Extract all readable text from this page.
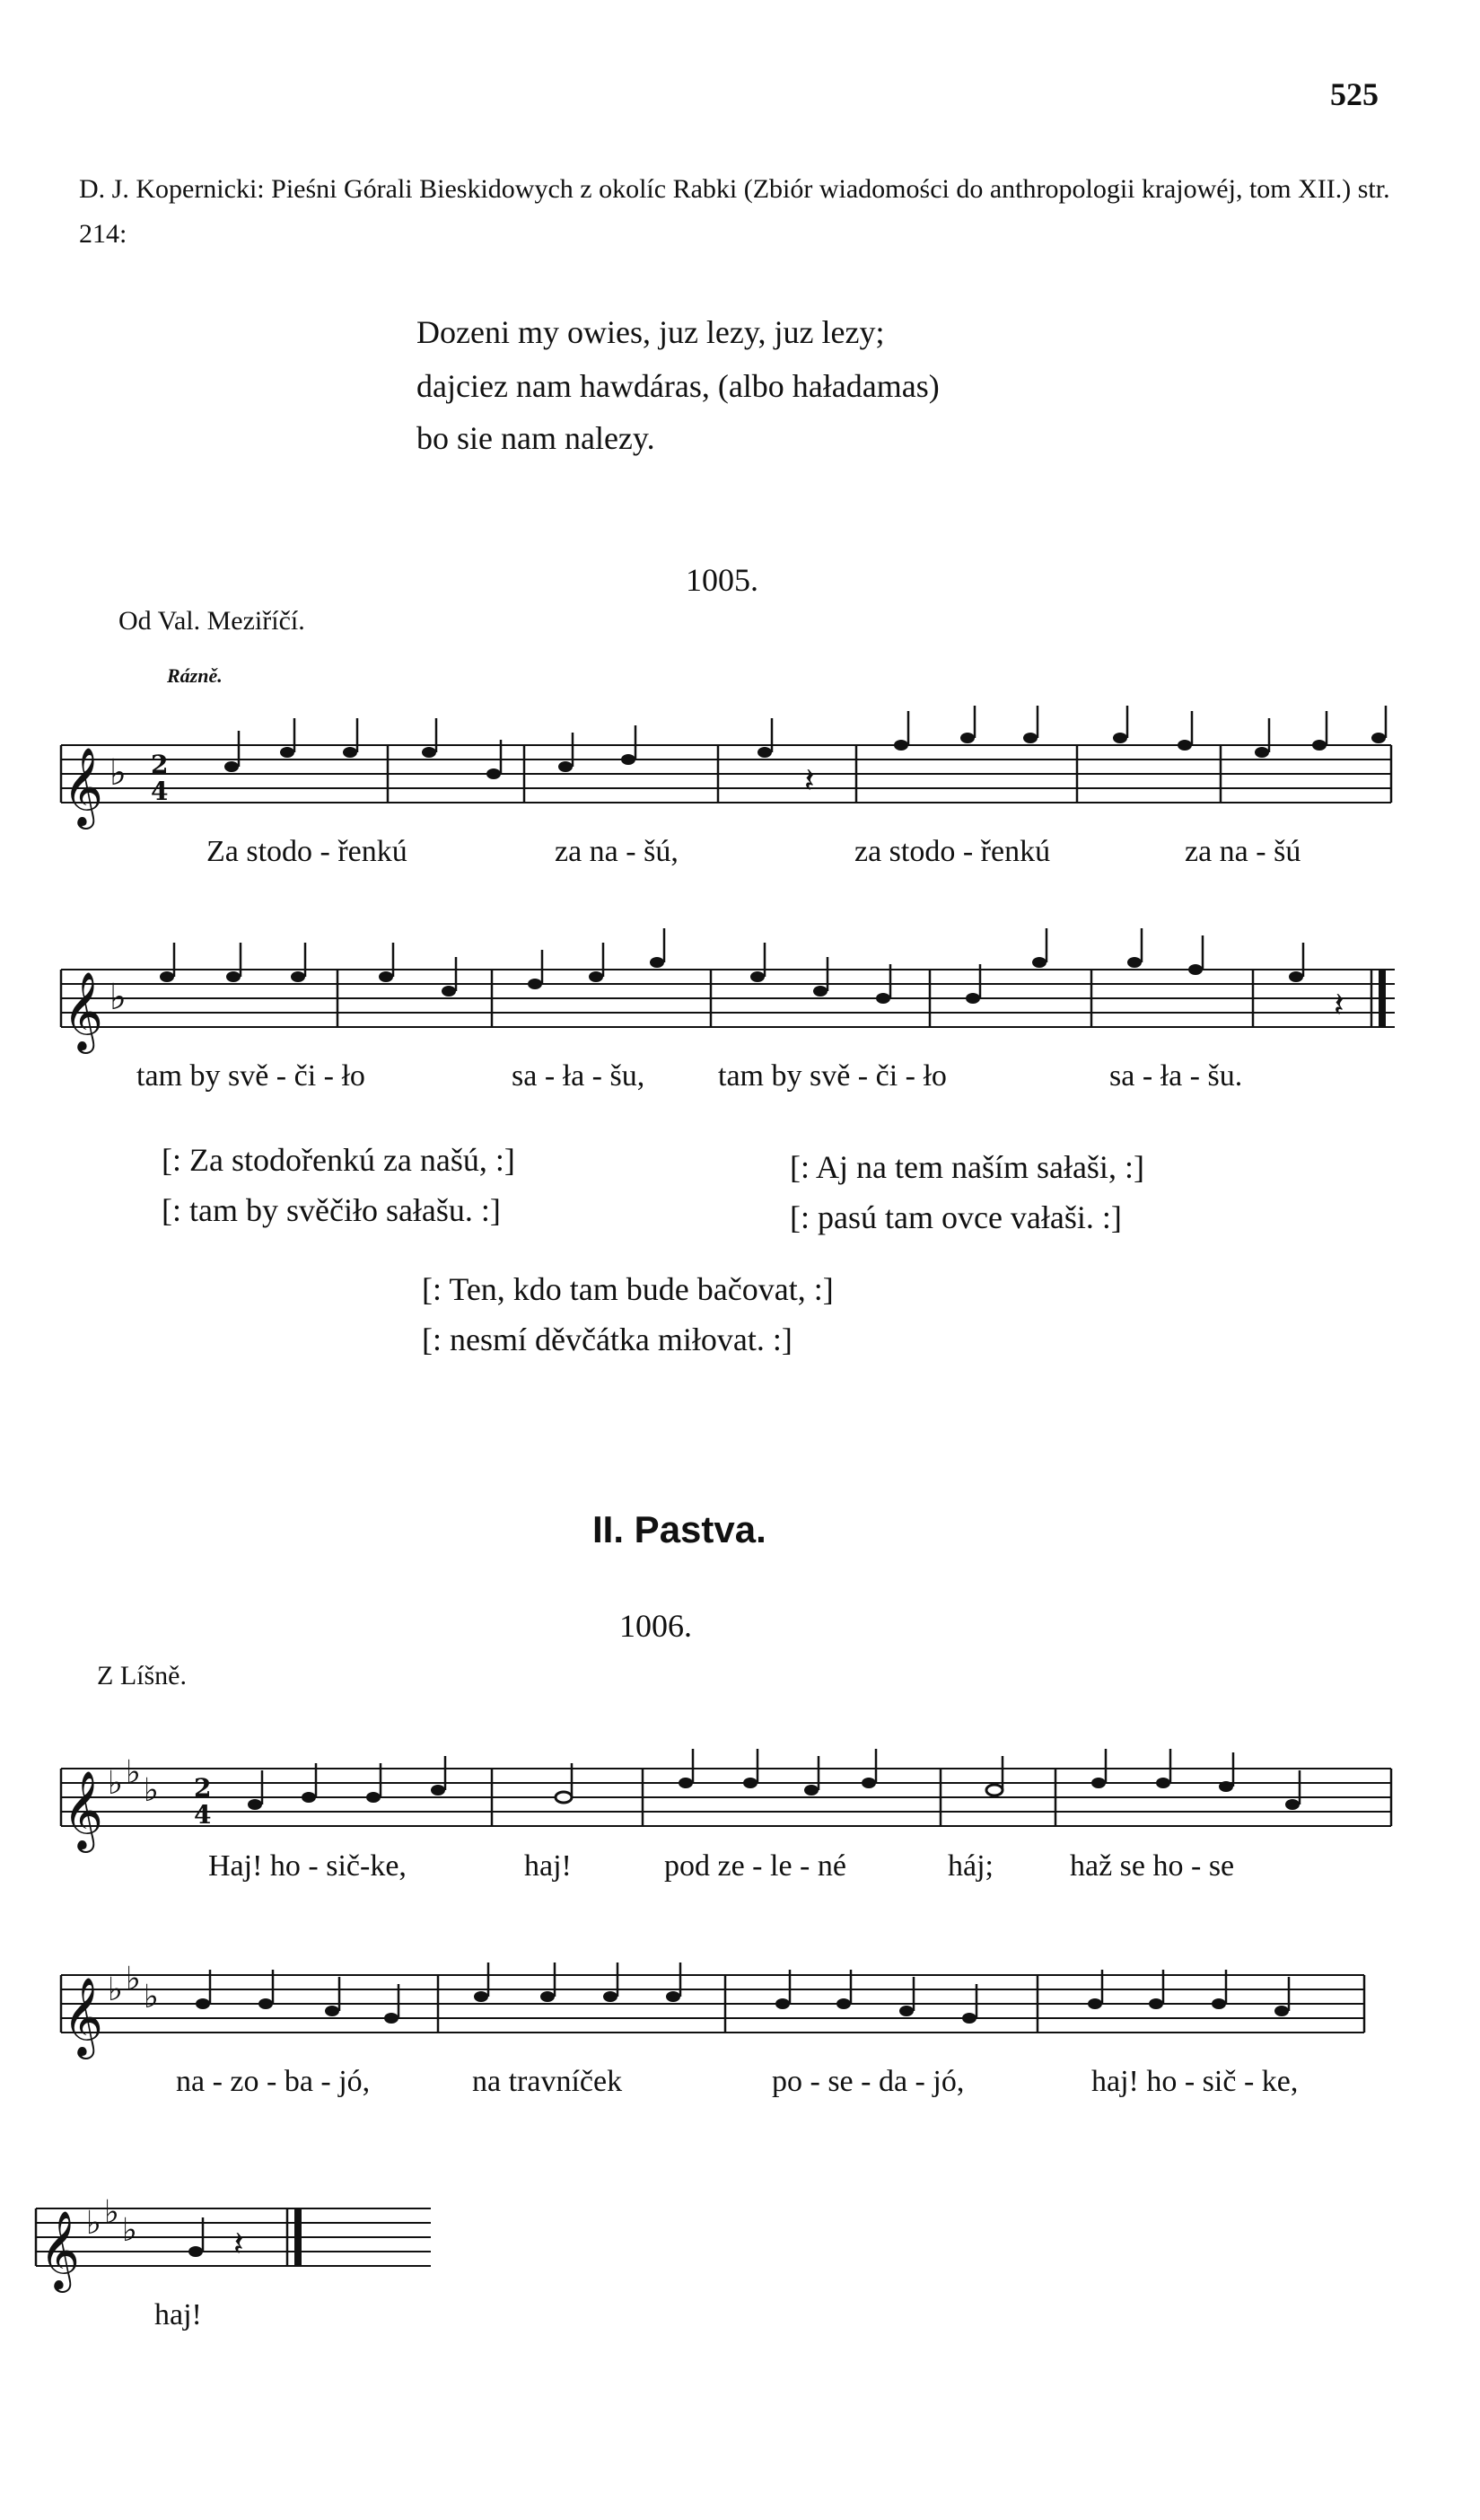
525
D. J. Kopernicki: Pieśni Górali Bieskidowych z okolíc Rabki (Zbiór wiadomości do anthropologii krajowéj, tom XII.) str. 214:
Dozeni my owies, juz lezy, juz lezy;
dajciez nam hawdáras, (albo haładamas)
bo sie nam nalezy.
1005.
Od Val. Meziříčí.
Rázně.
𝄞 ♭ 2
4	𝄽
Za stodo - řenkú	za na - šú,	za stodo - řenkú	za na - šú
𝄞 ♭	𝄽
tam by svě - či - ło	sa - ła - šu, tam by svě - či - ło	sa - ła - šu.
[: Za stodořenkú za našú, :]
[: tam by svěčiło sałašu. :]
[: Aj na tem naším sałaši, :]
[: pasú tam ovce vałaši. :]
[: Ten, kdo tam bude bačovat, :]
[: nesmí děvčátka miłovat. :]
II. Pastva.
1006.
Z Líšně.
𝄞 ♭ ♭ ♭ 2
4
Haj! ho - sič-ke,	haj!	pod ze - le - né	háj;	haž se ho - se
𝄞 ♭ ♭ ♭
na - zo - ba - jó,	na travníček	po - se - da - jó,	haj! ho - sič - ke,
𝄞 ♭ ♭ ♭	𝄽
haj!
